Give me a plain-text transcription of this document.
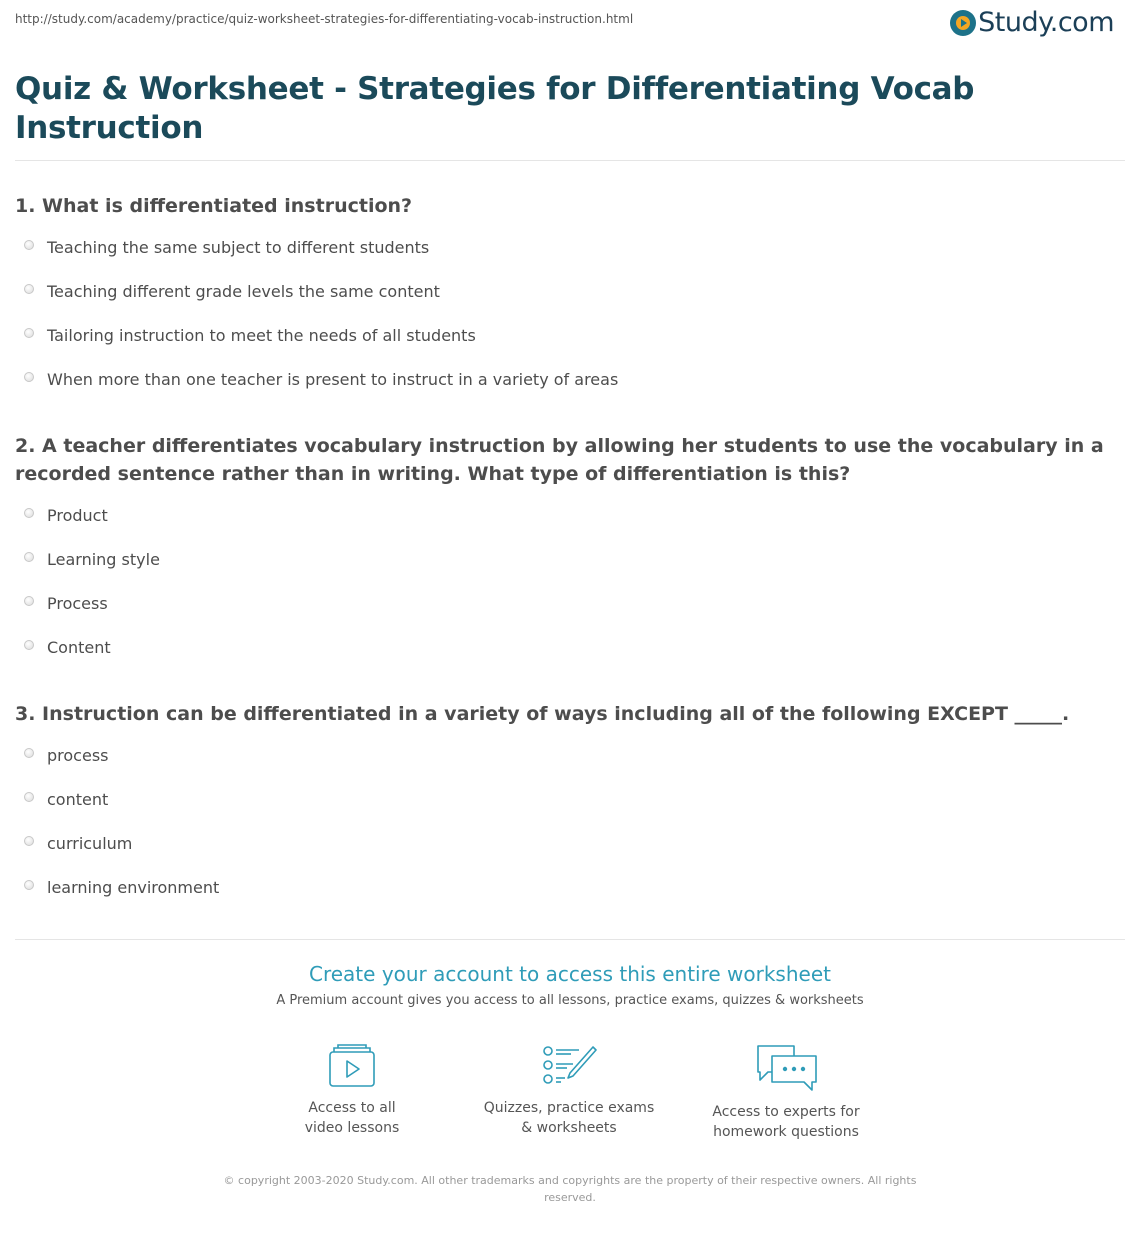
http://study.com/academy/practice/quiz-worksheet-strategies-for-differentiating-vocab-instruction.html	Study.com
Quiz & Worksheet - Strategies for Differentiating Vocab Instruction
1. What is differentiated instruction?
Teaching the same subject to different students
Teaching different grade levels the same content
Tailoring instruction to meet the needs of all students
When more than one teacher is present to instruct in a variety of areas
2. A teacher differentiates vocabulary instruction by allowing her students to use the vocabulary in a recorded sentence rather than in writing. What type of differentiation is this?
Product
Learning style
Process
Content
3. Instruction can be differentiated in a variety of ways including all of the following EXCEPT _____.
process
content
curriculum
learning environment
Create your account to access this entire worksheet
A Premium account gives you access to all lessons, practice exams, quizzes & worksheets
Access to all
video lessons
Quizzes, practice exams
& worksheets
Access to experts for
homework questions
© copyright 2003-2020 Study.com. All other trademarks and copyrights are the property of their respective owners. All rights reserved.
